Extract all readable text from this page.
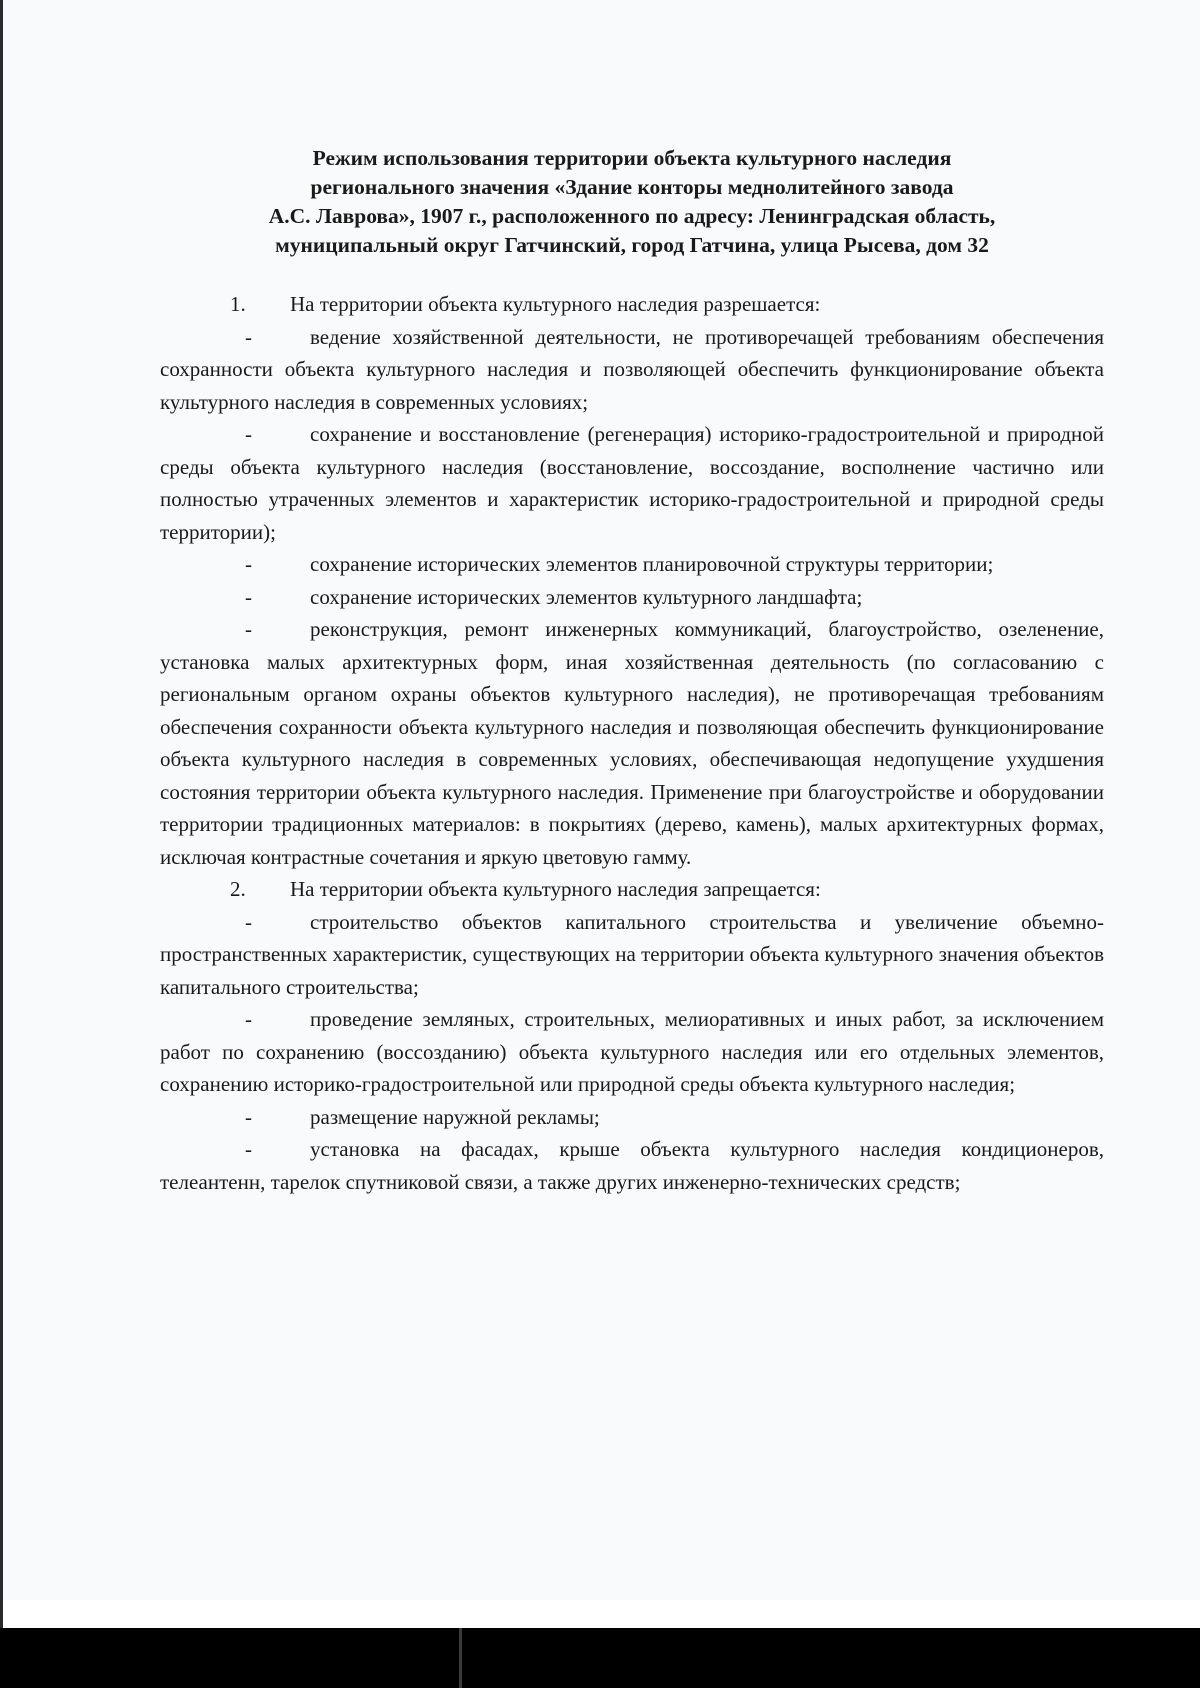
Режим использования территории объекта культурного наследия
регионального значения «Здание конторы меднолитейного завода
А.С. Лаврова», 1907 г., расположенного по адресу: Ленинградская область,
муниципальный округ Гатчинский, город Гатчина, улица Рысева, дом 32

1. На территории объекта культурного наследия разрешается:

-	ведение хозяйственной деятельности, не противоречащей требованиям обеспечения сохранности объекта культурного наследия и позволяющей обеспечить функционирование объекта культурного наследия в современных условиях;

-	сохранение и восстановление (регенерация) историко-градостроительной и природной среды объекта культурного наследия (восстановление, воссоздание, восполнение частично или полностью утраченных элементов и характеристик историко-градостроительной и природной среды территории);

-	сохранение исторических элементов планировочной структуры территории;

-	сохранение исторических элементов культурного ландшафта;

-	реконструкция, ремонт инженерных коммуникаций, благоустройство, озеленение, установка малых архитектурных форм, иная хозяйственная деятельность (по согласованию с региональным органом охраны объектов культурного наследия), не противоречащая требованиям обеспечения сохранности объекта культурного наследия и позволяющая обеспечить функционирование объекта культурного наследия в современных условиях, обеспечивающая недопущение ухудшения состояния территории объекта культурного наследия. Применение при благоустройстве и оборудовании территории традиционных материалов: в покрытиях (дерево, камень), малых архитектурных формах, исключая контрастные сочетания и яркую цветовую гамму.

2. На территории объекта культурного наследия запрещается:

-	строительство объектов капитального строительства и увеличение объемно-пространственных характеристик, существующих на территории объекта культурного значения объектов капитального строительства;

-	проведение земляных, строительных, мелиоративных и иных работ, за исключением работ по сохранению (воссозданию) объекта культурного наследия или его отдельных элементов, сохранению историко-градостроительной или природной среды объекта культурного наследия;

-	размещение наружной рекламы;

-	установка на фасадах, крыше объекта культурного наследия кондиционеров, телеантенн, тарелок спутниковой связи, а также других инженерно-технических средств;
